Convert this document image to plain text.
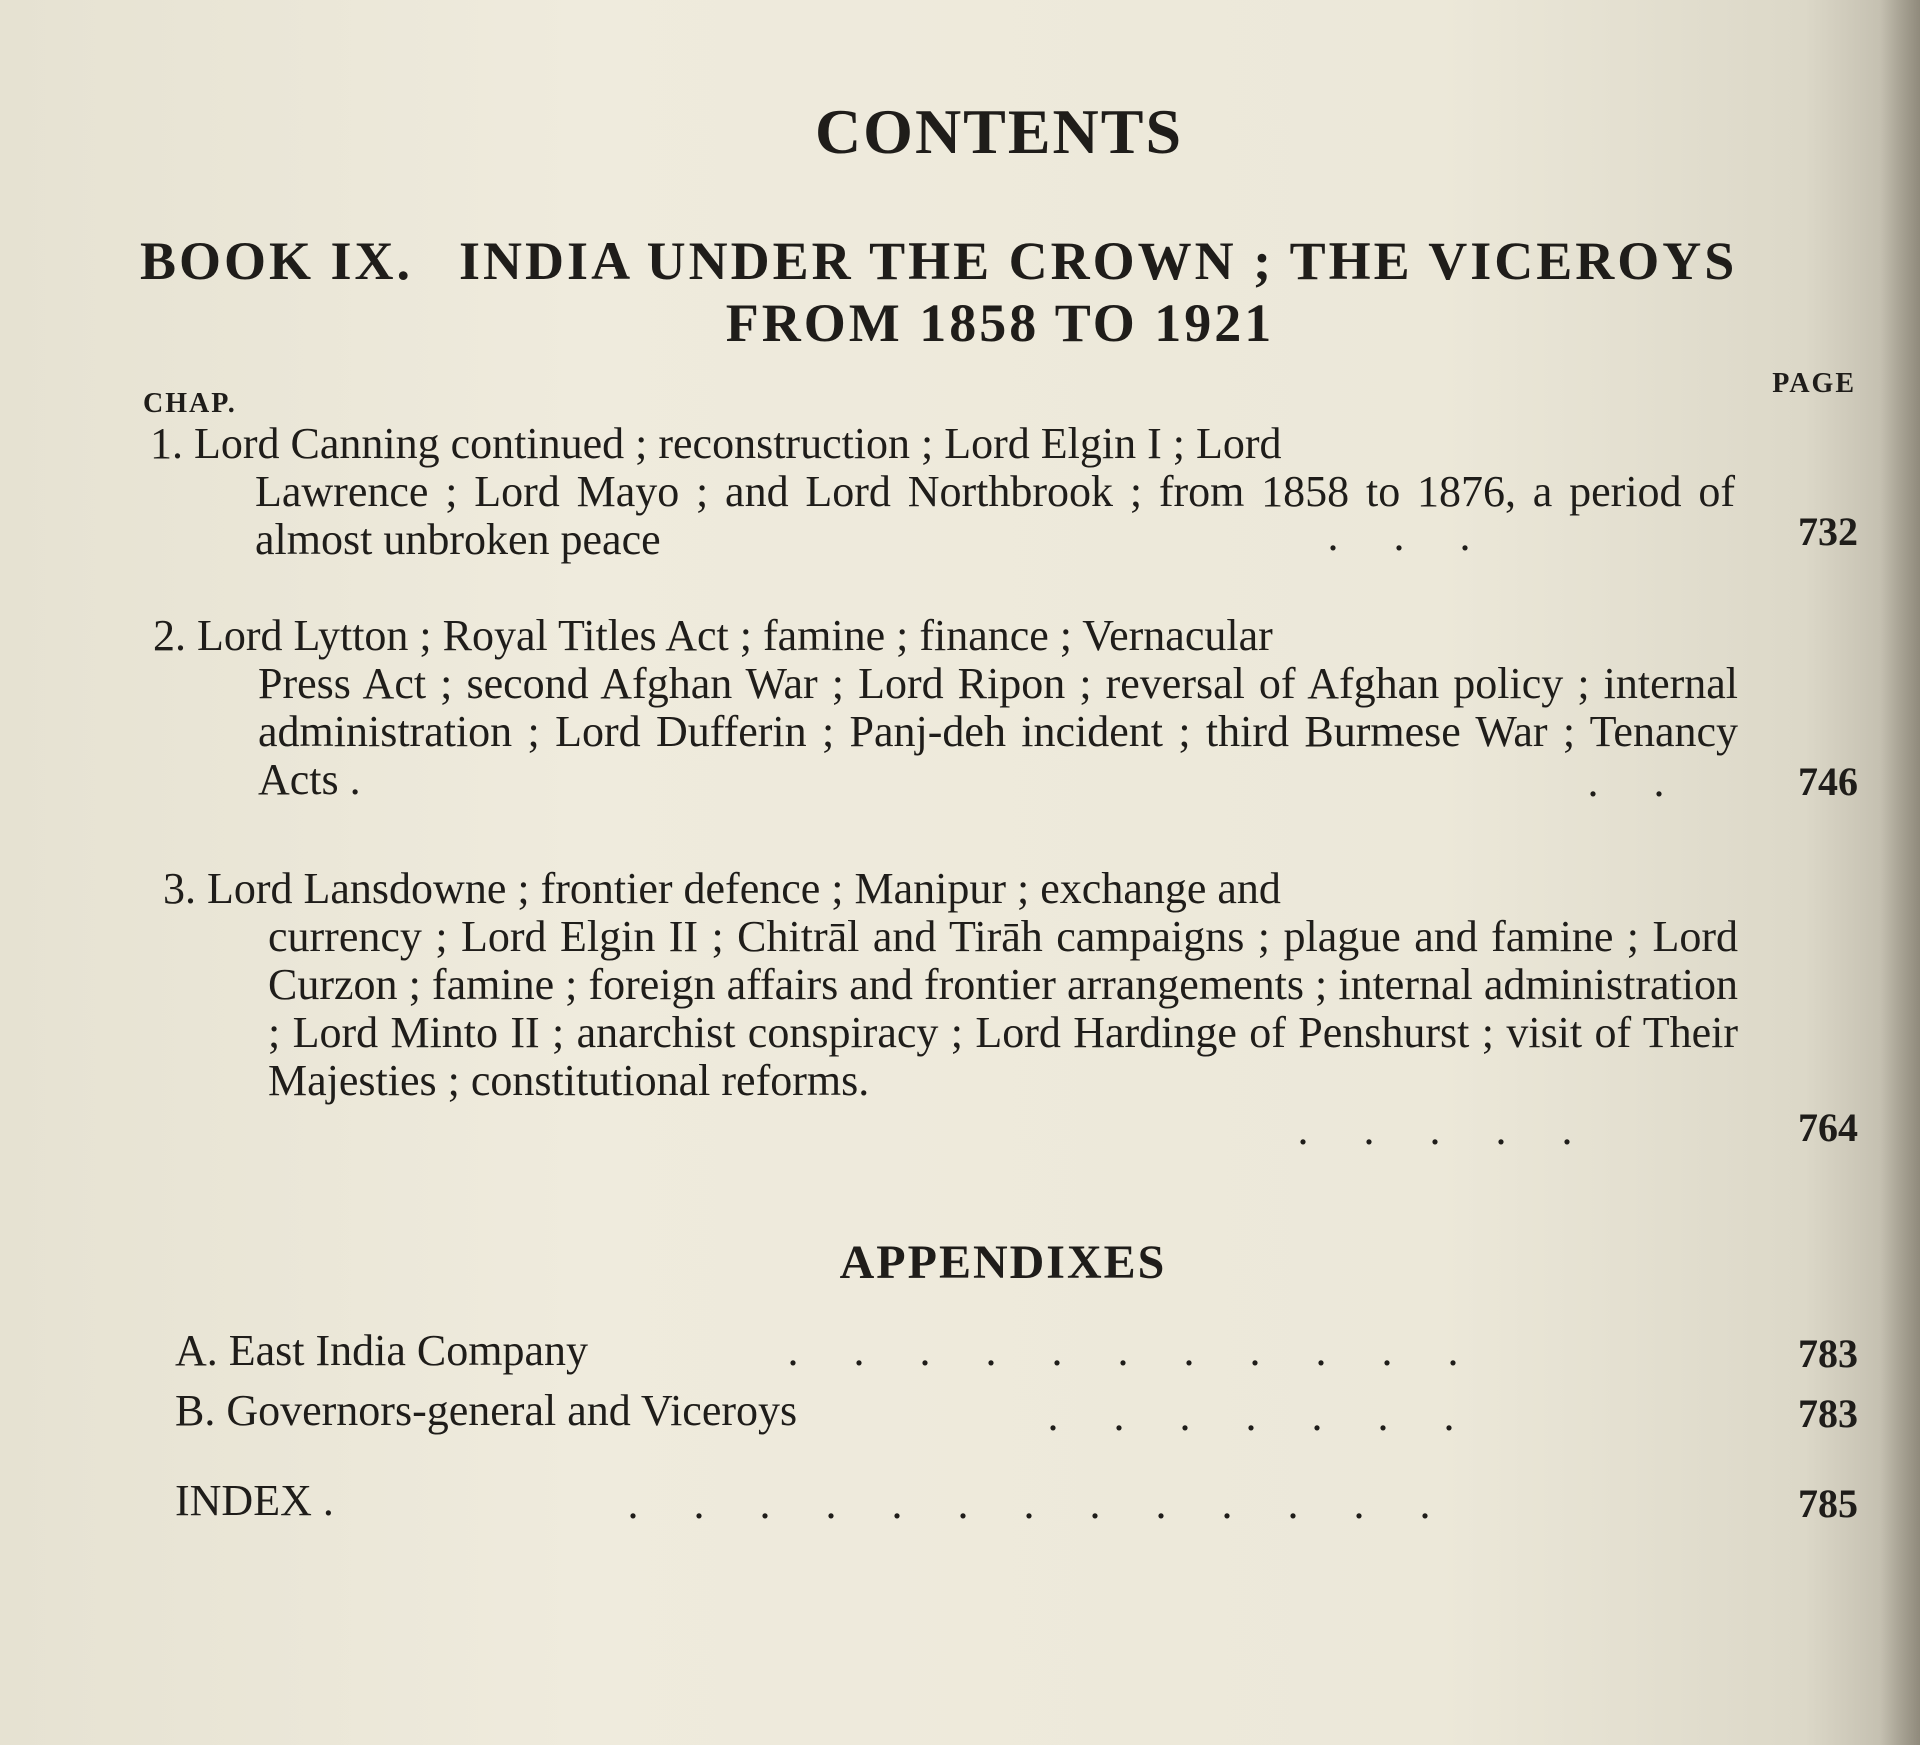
CONTENTS
BOOK IX. INDIA UNDER THE CROWN ; THE VICEROYS
FROM 1858 TO 1921
CHAP.
PAGE
1. Lord Canning continued ; reconstruction ; Lord Elgin I ; Lord
Lawrence ; Lord Mayo ; and Lord Northbrook ; from 1858 to 1876, a period of almost unbroken peace	. . .	732
2. Lord Lytton ; Royal Titles Act ; famine ; finance ; Vernacular
Press Act ; second Afghan War ; Lord Ripon ; reversal of Afghan policy ; internal administration ; Lord Dufferin ; Panj-deh incident ; third Burmese War ; Tenancy Acts .	. .	746
3. Lord Lansdowne ; frontier defence ; Manipur ; exchange and
currency ; Lord Elgin II ; Chitrāl and Tirāh campaigns ; plague and famine ; Lord Curzon ; famine ; foreign affairs and frontier arrangements ; internal administration ; Lord Minto II ; anarchist conspiracy ; Lord Hardinge of Penshurst ; visit of Their Majesties ; constitutional reforms.
. . . . .	764
APPENDIXES
A. East India Company	. . . . . . . . . . .	783
B. Governors-general and Viceroys	. . . . . . .	783
INDEX .	. . . . . . . . . . . . .	785
